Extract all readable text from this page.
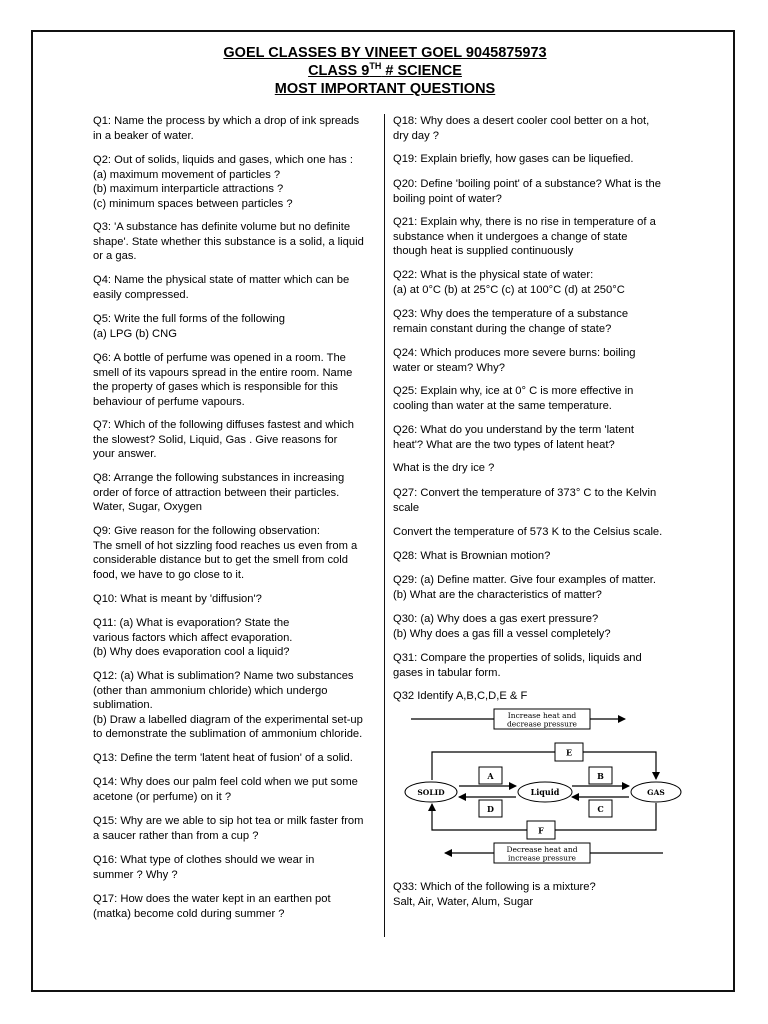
GOEL CLASSES BY VINEET GOEL 9045875973
CLASS 9TH # SCIENCE
MOST IMPORTANT QUESTIONS
Q1: Name the process by which a drop of ink spreads
in a beaker of water.
Q2: Out of solids, liquids and gases, which one has :
(a) maximum movement of particles ?
(b) maximum interparticle attractions ?
(c) minimum spaces between particles ?
Q3: 'A substance has definite volume but no definite
shape'. State whether this substance is a solid, a liquid
or a gas.
Q4: Name the physical state of matter which can be
easily compressed.
Q5: Write the full forms of the following
(a) LPG (b) CNG
Q6: A bottle of perfume was opened in a room. The
smell of its vapours spread in the entire room. Name
the property of gases which is responsible for this
behaviour of perfume vapours.
Q7: Which of the following diffuses fastest and which
the slowest? Solid, Liquid, Gas . Give reasons for
your answer.
Q8: Arrange the following substances in increasing
order of force of attraction between their particles.
Water, Sugar, Oxygen
Q9: Give reason for the following observation:
The smell of hot sizzling food reaches us even from a
considerable distance but to get the smell from cold
food, we have to go close to it.
Q10: What is meant by 'diffusion'?
Q11: (a) What is evaporation? State the
various factors which affect evaporation.
(b) Why does evaporation cool a liquid?
Q12: (a) What is sublimation? Name two substances
(other than ammonium chloride) which undergo
sublimation.
(b) Draw a labelled diagram of the experimental set-up
to demonstrate the sublimation of ammonium chloride.
Q13: Define the term 'latent heat of fusion' of a solid.
Q14: Why does our palm feel cold when we put some
acetone (or perfume) on it ?
Q15: Why are we able to sip hot tea or milk faster from
a saucer rather than from a cup ?
Q16: What type of clothes should we wear in
summer ? Why ?
Q17: How does the water kept in an earthen pot
(matka) become cold during summer ?
Q18: Why does a desert cooler cool better on a hot,
dry day ?
Q19: Explain briefly, how gases can be liquefied.
Q20: Define 'boiling point' of a substance? What is the
boiling point of water?
Q21: Explain why, there is no rise in temperature of a
substance when it undergoes a change of state
though heat is supplied continuously
Q22: What is the physical state of water:
(a) at 0°C (b) at 25°C (c) at 100°C (d) at 250°C
Q23: Why does the temperature of a substance
remain constant during the change of state?
Q24: Which produces more severe burns: boiling
water or steam? Why?
Q25: Explain why, ice at 0° C is more effective in
cooling than water at the same temperature.
Q26: What do you understand by the term 'latent
heat'? What are the two types of latent heat?
What is the dry ice ?
Q27: Convert the temperature of 373° C to the Kelvin
scale
Convert the temperature of 573 K to the Celsius scale.
Q28: What is Brownian motion?
Q29: (a) Define matter. Give four examples of matter.
(b) What are the characteristics of matter?
Q30: (a) Why does a gas exert pressure?
(b) Why does a gas fill a vessel completely?
Q31: Compare the properties of solids, liquids and
gases in tabular form.
Q32 Identify A,B,C,D,E & F
Q33: Which of the following is a mixture?
Salt, Air, Water, Alum, Sugar
Increase heat and
decrease pressure
Decrease heat and
increase pressure
E
F
A
D
B
C
SOLID	Liquid	GAS
